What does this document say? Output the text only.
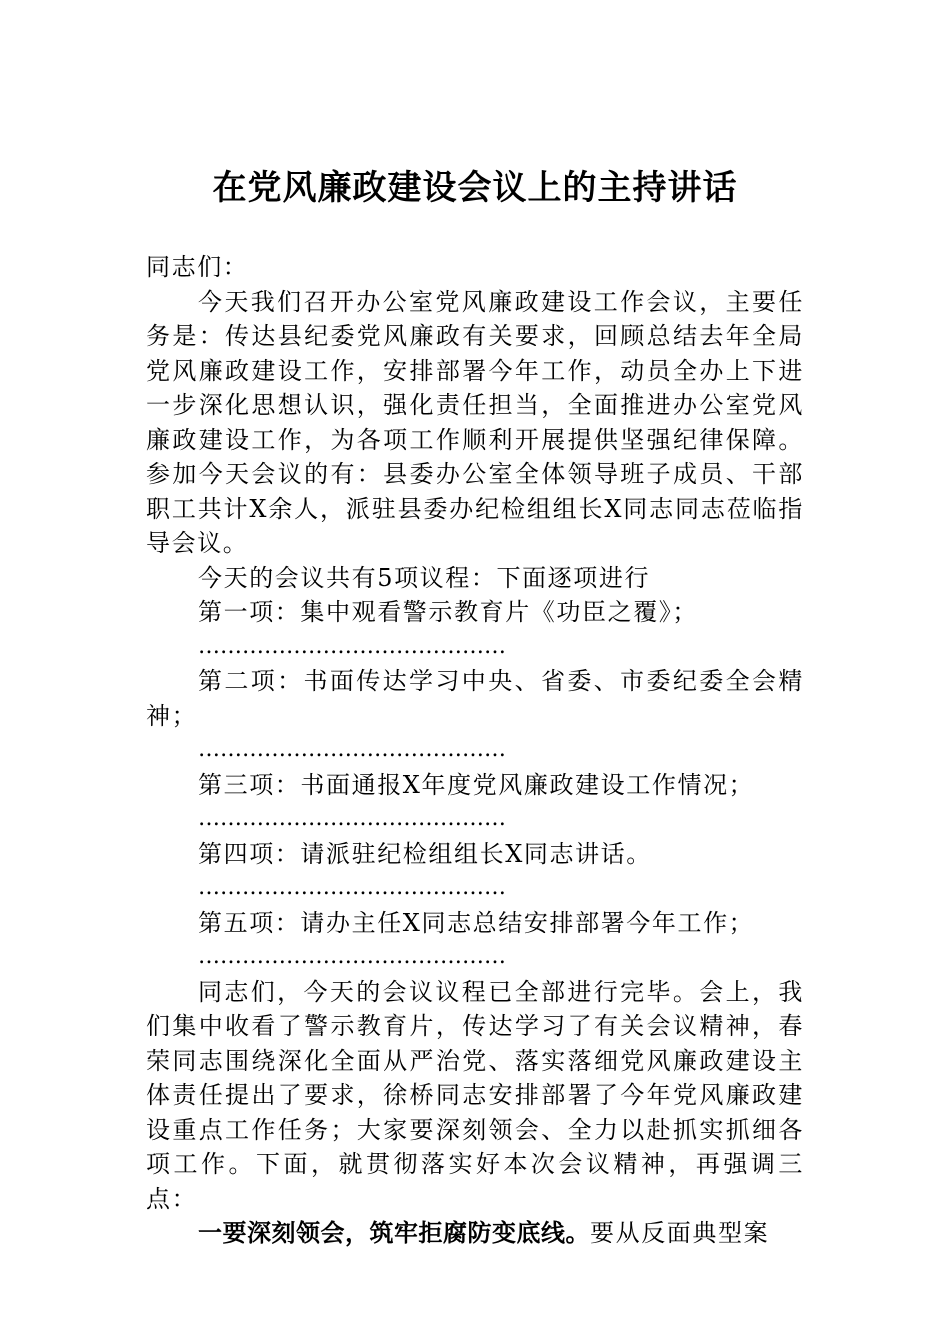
在党风廉政建设会议上的主持讲话

同志们：

今天我们召开办公室党风廉政建设工作会议，主要任务是：传达县纪委党风廉政有关要求，回顾总结去年全局党风廉政建设工作，安排部署今年工作，动员全办上下进一步深化思想认识，强化责任担当，全面推进办公室党风廉政建设工作，为各项工作顺利开展提供坚强纪律保障。参加今天会议的有：县委办公室全体领导班子成员、干部职工共计X余人，派驻县委办纪检组组长X同志同志莅临指导会议。

今天的会议共有5项议程：下面逐项进行

第一项：集中观看警示教育片《功臣之覆》；

……………………………………

第二项：书面传达学习中央、省委、市委纪委全会精神；

……………………………………

第三项：书面通报X年度党风廉政建设工作情况；

……………………………………

第四项：请派驻纪检组组长X同志讲话。

……………………………………

第五项：请办主任X同志总结安排部署今年工作；

……………………………………

同志们，今天的会议议程已全部进行完毕。会上，我们集中收看了警示教育片，传达学习了有关会议精神，春荣同志围绕深化全面从严治党、落实落细党风廉政建设主体责任提出了要求，徐桥同志安排部署了今年党风廉政建设重点工作任务；大家要深刻领会、全力以赴抓实抓细各项工作。下面，就贯彻落实好本次会议精神，再强调三点：

一要深刻领会，筑牢拒腐防变底线。要从反面典型案
